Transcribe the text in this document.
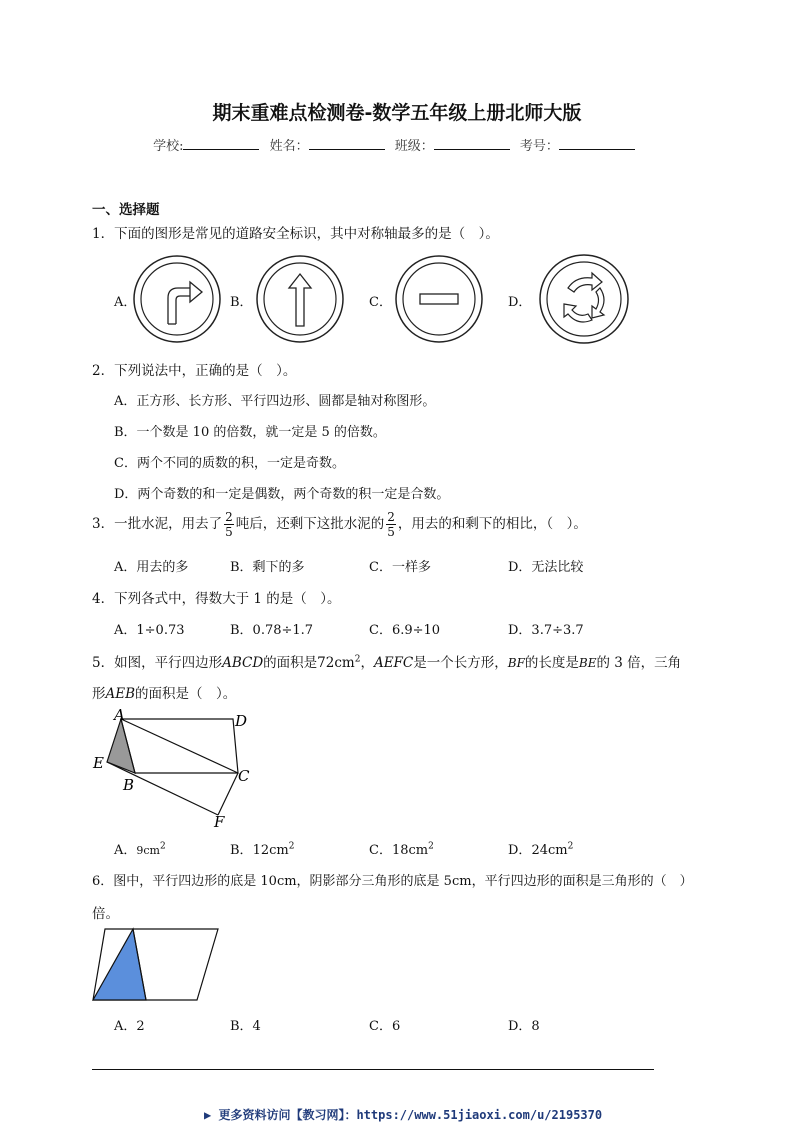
期末重难点检测卷-数学五年级上册北师大版
学校:	姓名：	班级：	考号：
一、选择题
1．下面的图形是常见的道路安全标识，其中对称轴最多的是（　）。
A．	B．	C．	D．
2．下列说法中，正确的是（　）。
A．正方形、长方形、平行四边形、圆都是轴对称图形。
B．一个数是 10 的倍数，就一定是 5 的倍数。
C．两个不同的质数的积，一定是奇数。
D．两个奇数的和一定是偶数，两个奇数的积一定是合数。
3．一批水泥，用去了 $\frac{2}{5}$ 吨后，还剩下这批水泥的 $\frac{2}{5}$ ，用去的和剩下的相比，（　）。
A．用去的多	B．剩下的多	C．一样多	D．无法比较
4．下列各式中，得数大于 1 的是（　）。
A．1÷0.73	B．0.78÷1.7	C．6.9÷10	D．3.7÷3.7
5．如图，平行四边形ABCD的面积是$72cm^2$，AEFC是一个长方形，BF的长度是BE的 3 倍，三角
形AEB的面积是（　）。
A	D
E
B	C
F
A．$9cm^2$	B．$12cm^2$	C．$18cm^2$	D．$24cm^2$
6．图中，平行四边形的底是 10cm，阴影部分三角形的底是 5cm，平行四边形的面积是三角形的（　）
倍。
A．2	B．4	C．6	D．8
▶ 更多资料访问【教习网】：https://www.51jiaoxi.com/u/2195370
